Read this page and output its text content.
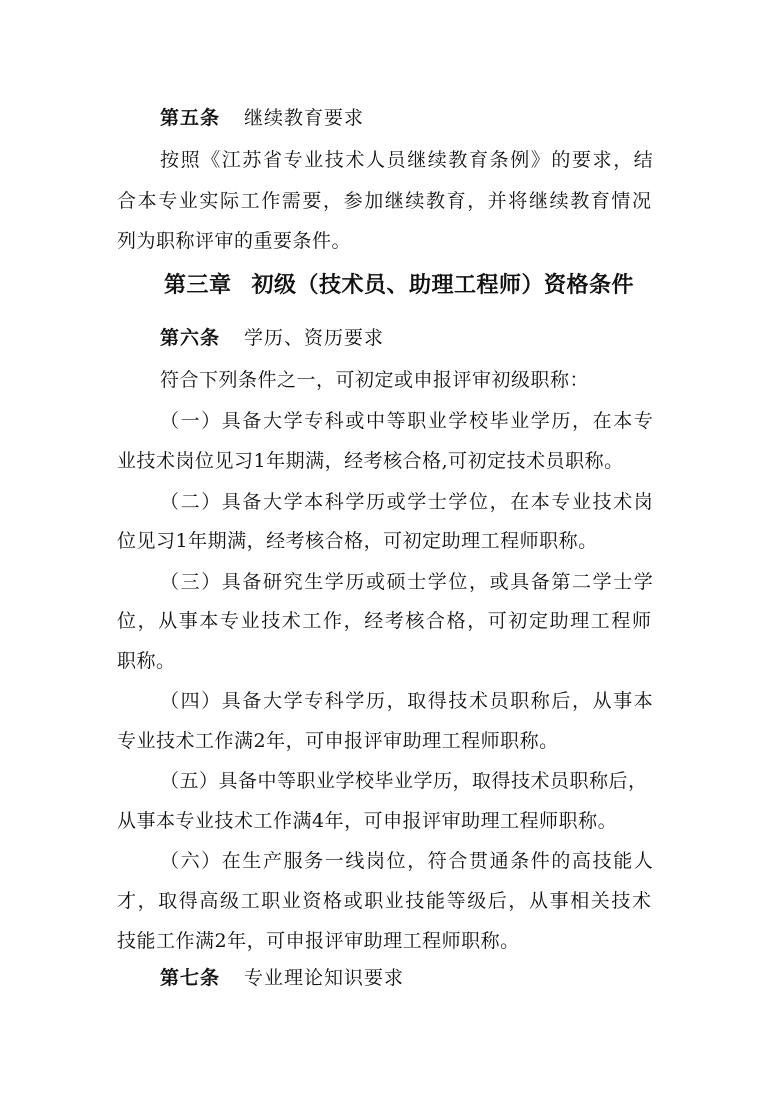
第五条 继续教育要求
按照《江苏省专业技术人员继续教育条例》的要求，结
合本专业实际工作需要，参加继续教育，并将继续教育情况
列为职称评审的重要条件。
第三章 初级（技术员、助理工程师）资格条件
第六条 学历、资历要求
符合下列条件之一，可初定或申报评审初级职称：
（一）具备大学专科或中等职业学校毕业学历，在本专
业技术岗位见习1年期满，经考核合格,可初定技术员职称。
（二）具备大学本科学历或学士学位，在本专业技术岗
位见习1年期满，经考核合格，可初定助理工程师职称。
（三）具备研究生学历或硕士学位，或具备第二学士学
位，从事本专业技术工作，经考核合格，可初定助理工程师
职称。
（四）具备大学专科学历，取得技术员职称后，从事本
专业技术工作满2年，可申报评审助理工程师职称。
（五）具备中等职业学校毕业学历，取得技术员职称后，
从事本专业技术工作满4年，可申报评审助理工程师职称。
（六）在生产服务一线岗位，符合贯通条件的高技能人
才，取得高级工职业资格或职业技能等级后，从事相关技术
技能工作满2年，可申报评审助理工程师职称。
第七条 专业理论知识要求
